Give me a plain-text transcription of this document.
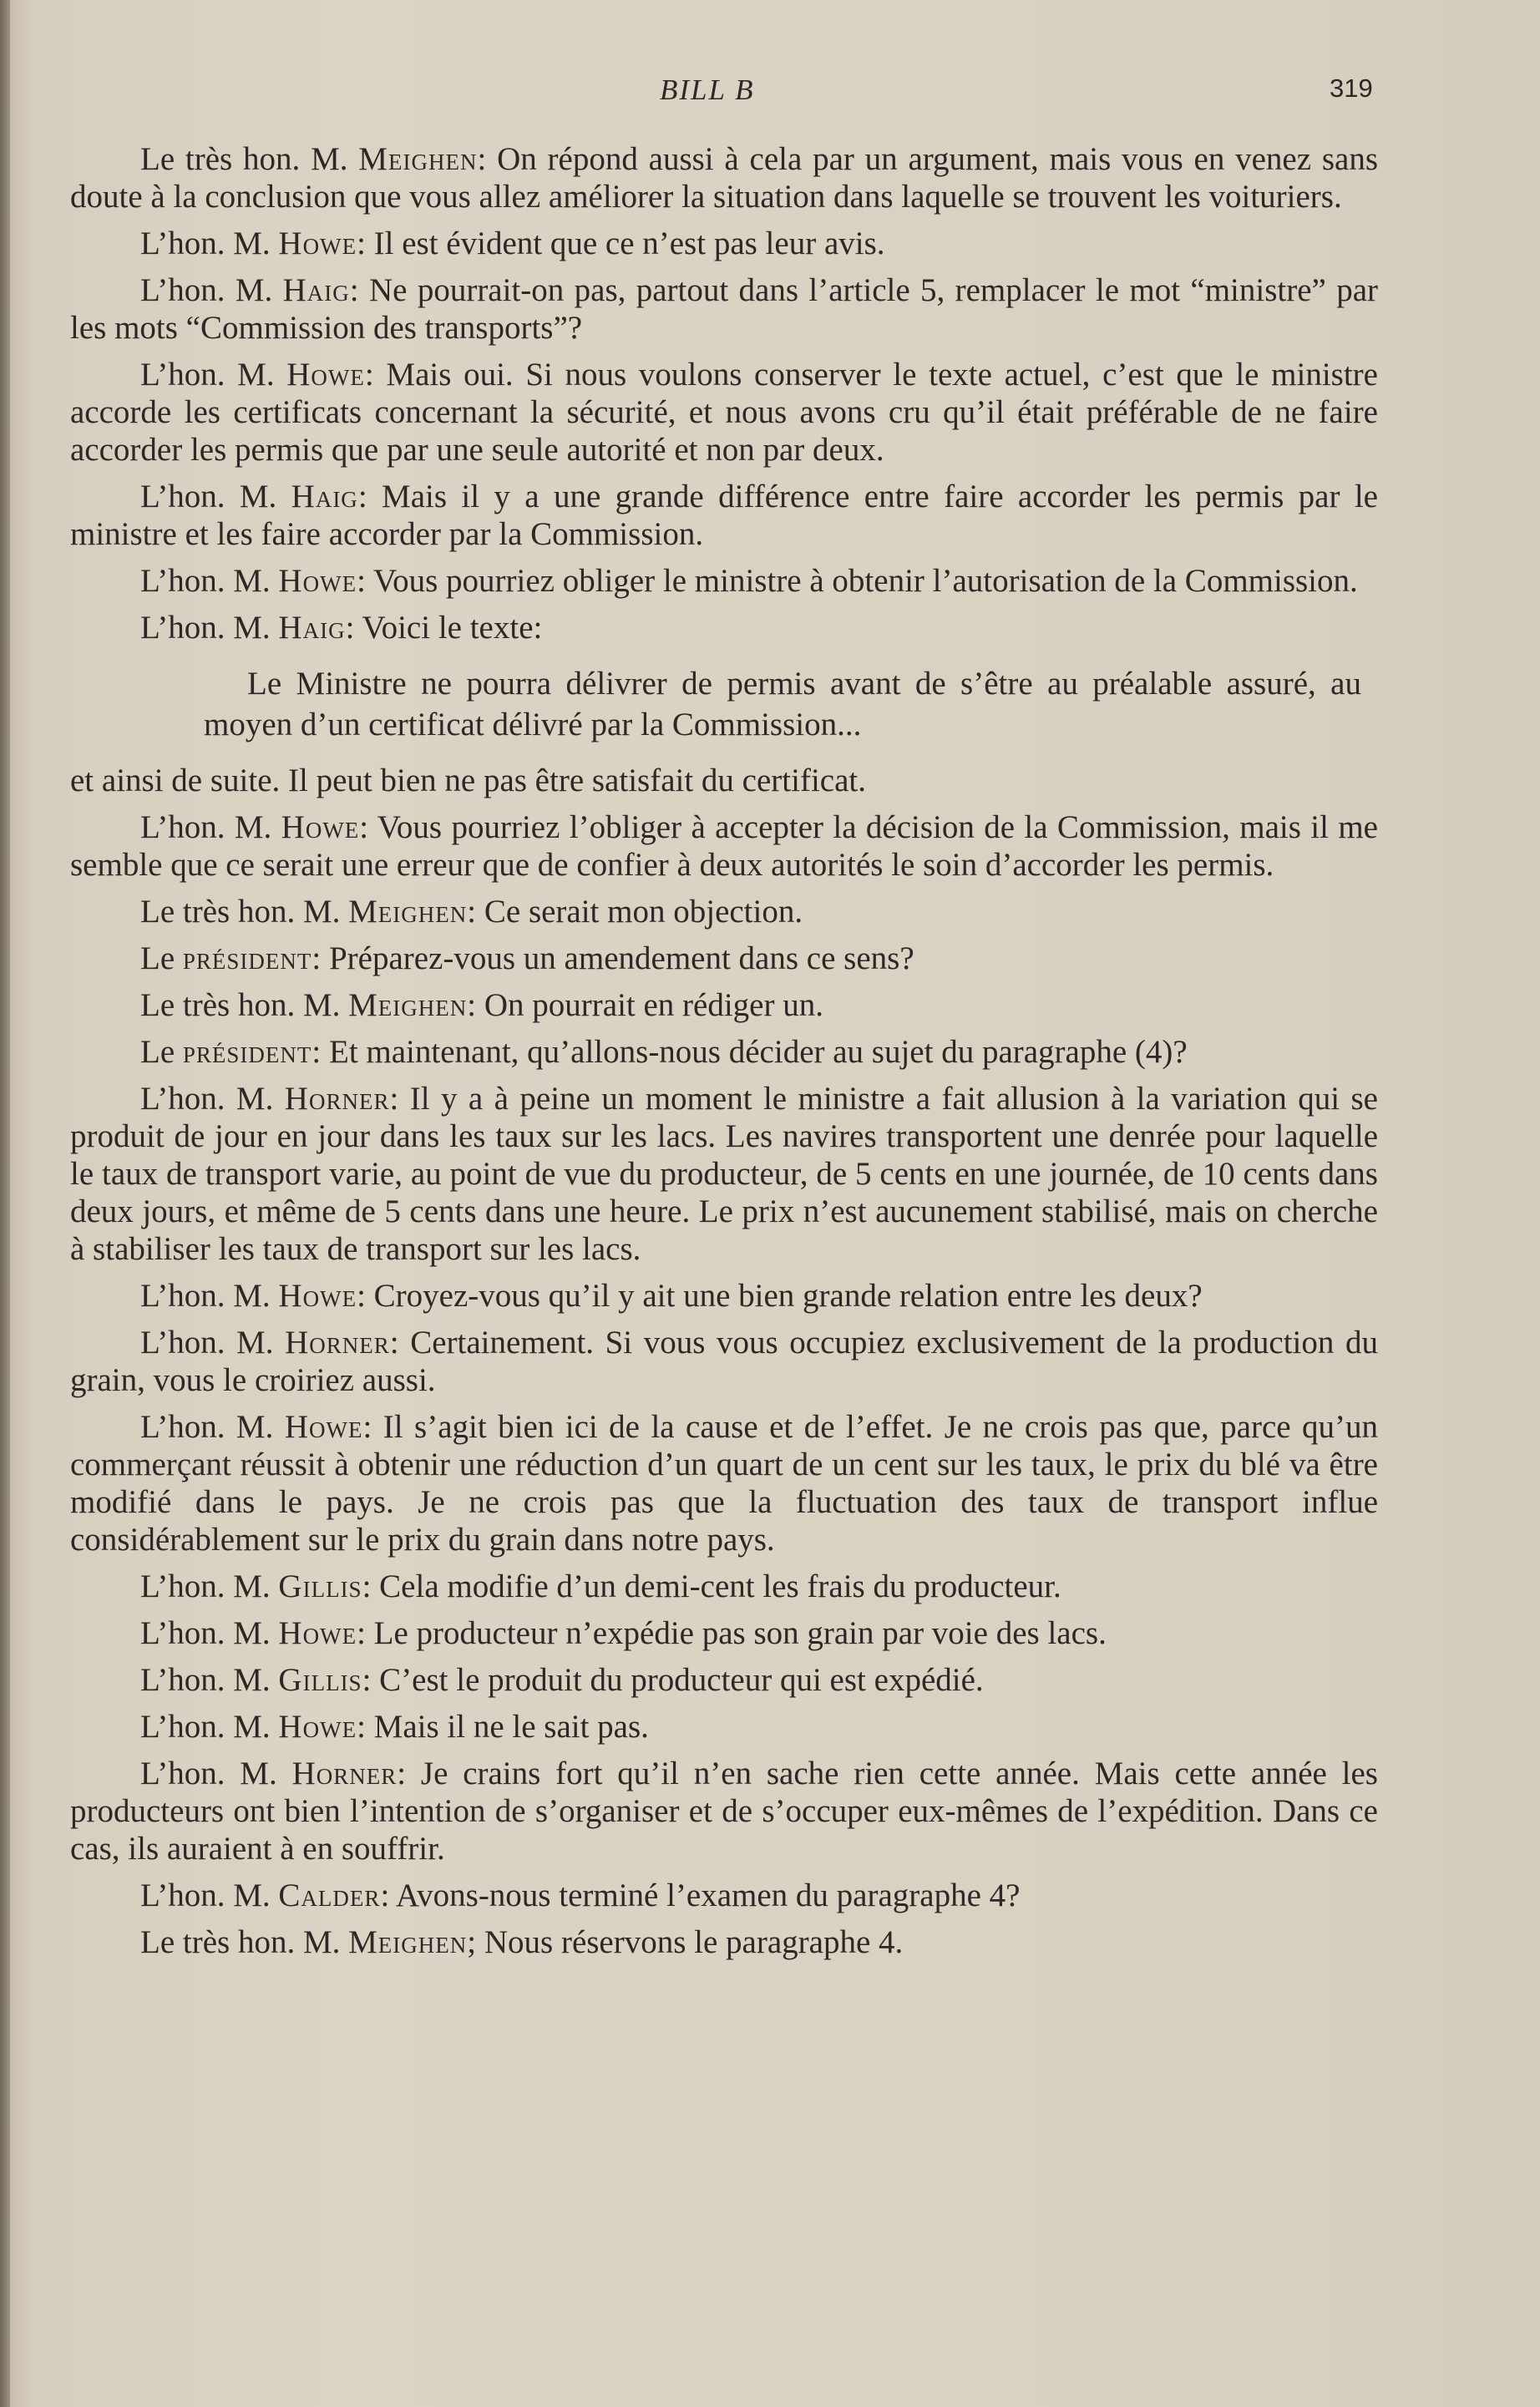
BILL B	319

Le très hon. M. Meighen: On répond aussi à cela par un argument, mais vous en venez sans doute à la conclusion que vous allez améliorer la situation dans laquelle se trouvent les voituriers.

L’hon. M. Howe: Il est évident que ce n’est pas leur avis.

L’hon. M. Haig: Ne pourrait-on pas, partout dans l’article 5, remplacer le mot “ministre” par les mots “Commission des transports”?

L’hon. M. Howe: Mais oui. Si nous voulons conserver le texte actuel, c’est que le ministre accorde les certificats concernant la sécurité, et nous avons cru qu’il était préférable de ne faire accorder les permis que par une seule autorité et non par deux.

L’hon. M. Haig: Mais il y a une grande différence entre faire accorder les permis par le ministre et les faire accorder par la Commission.

L’hon. M. Howe: Vous pourriez obliger le ministre à obtenir l’autorisation de la Commission.

L’hon. M. Haig: Voici le texte:

Le Ministre ne pourra délivrer de permis avant de s’être au préalable assuré, au moyen d’un certificat délivré par la Commission...

et ainsi de suite. Il peut bien ne pas être satisfait du certificat.

L’hon. M. Howe: Vous pourriez l’obliger à accepter la décision de la Commission, mais il me semble que ce serait une erreur que de confier à deux autorités le soin d’accorder les permis.

Le très hon. M. Meighen: Ce serait mon objection.

Le président: Préparez-vous un amendement dans ce sens?

Le très hon. M. Meighen: On pourrait en rédiger un.

Le président: Et maintenant, qu’allons-nous décider au sujet du paragraphe (4)?

L’hon. M. Horner: Il y a à peine un moment le ministre a fait allusion à la variation qui se produit de jour en jour dans les taux sur les lacs. Les navires transportent une denrée pour laquelle le taux de transport varie, au point de vue du producteur, de 5 cents en une journée, de 10 cents dans deux jours, et même de 5 cents dans une heure. Le prix n’est aucunement stabilisé, mais on cherche à stabiliser les taux de transport sur les lacs.

L’hon. M. Howe: Croyez-vous qu’il y ait une bien grande relation entre les deux?

L’hon. M. Horner: Certainement. Si vous vous occupiez exclusivement de la production du grain, vous le croiriez aussi.

L’hon. M. Howe: Il s’agit bien ici de la cause et de l’effet. Je ne crois pas que, parce qu’un commerçant réussit à obtenir une réduction d’un quart de un cent sur les taux, le prix du blé va être modifié dans le pays. Je ne crois pas que la fluctuation des taux de transport influe considérablement sur le prix du grain dans notre pays.

L’hon. M. Gillis: Cela modifie d’un demi-cent les frais du producteur.

L’hon. M. Howe: Le producteur n’expédie pas son grain par voie des lacs.

L’hon. M. Gillis: C’est le produit du producteur qui est expédié.

L’hon. M. Howe: Mais il ne le sait pas.

L’hon. M. Horner: Je crains fort qu’il n’en sache rien cette année. Mais cette année les producteurs ont bien l’intention de s’organiser et de s’occuper eux-mêmes de l’expédition. Dans ce cas, ils auraient à en souffrir.

L’hon. M. Calder: Avons-nous terminé l’examen du paragraphe 4?

Le très hon. M. Meighen; Nous réservons le paragraphe 4.
